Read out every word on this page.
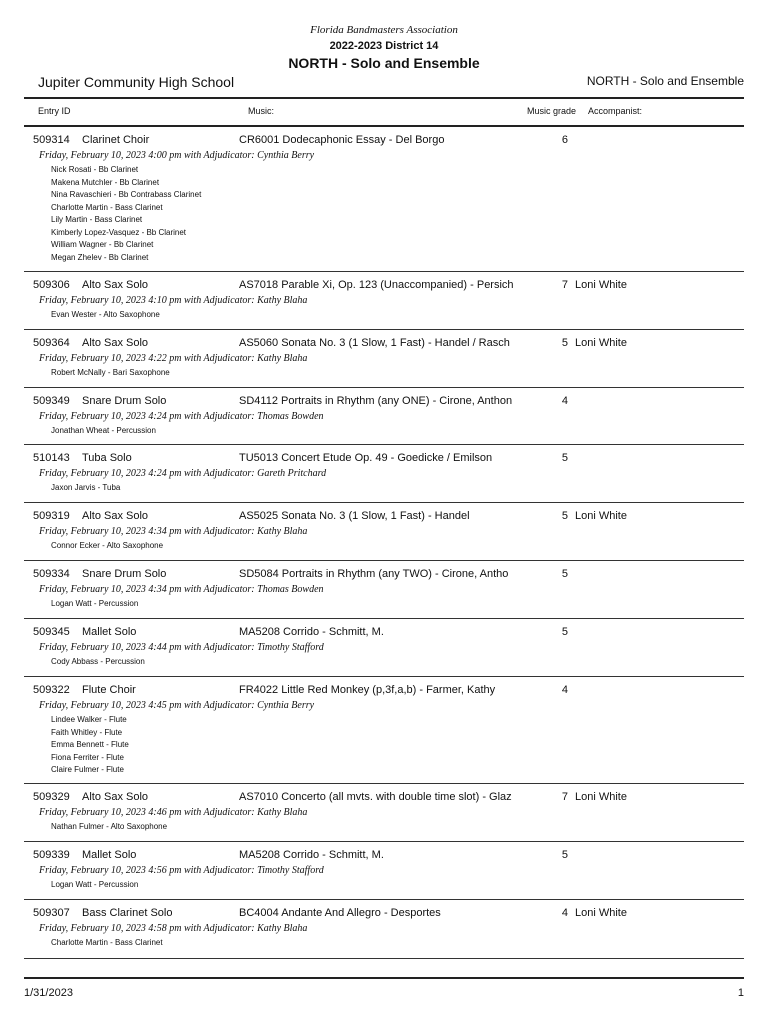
Florida Bandmasters Association
2022-2023 District 14
NORTH - Solo and Ensemble
Jupiter Community High School	NORTH - Solo and Ensemble
Entry ID	Music:	Music grade Accompanist:
509314 Clarinet Choir	CR6001 Dodecaphonic Essay - Del Borgo	6
Friday, February 10, 2023 4:00 pm with Adjudicator: Cynthia Berry
Nick Rosati - Bb Clarinet
Makena Mutchler - Bb Clarinet
Nina Ravaschieri - Bb Contrabass Clarinet
Charlotte Martin - Bass Clarinet
Lily Martin - Bass Clarinet
Kimberly Lopez-Vasquez - Bb Clarinet
William Wagner - Bb Clarinet
Megan Zhelev - Bb Clarinet
509306 Alto Sax Solo	AS7018 Parable Xi, Op. 123 (Unaccompanied) - Persich	7 Loni White
Friday, February 10, 2023 4:10 pm with Adjudicator: Kathy Blaha
Evan Wester - Alto Saxophone
509364 Alto Sax Solo	AS5060 Sonata No. 3 (1 Slow, 1 Fast) - Handel / Rasch	5 Loni White
Friday, February 10, 2023 4:22 pm with Adjudicator: Kathy Blaha
Robert McNally - Bari Saxophone
509349 Snare Drum Solo	SD4112 Portraits in Rhythm (any ONE) - Cirone, Anthon	4
Friday, February 10, 2023 4:24 pm with Adjudicator: Thomas Bowden
Jonathan Wheat - Percussion
510143 Tuba Solo	TU5013 Concert Etude Op. 49 - Goedicke / Emilson	5
Friday, February 10, 2023 4:24 pm with Adjudicator: Gareth Pritchard
Jaxon Jarvis - Tuba
509319 Alto Sax Solo	AS5025 Sonata No. 3 (1 Slow, 1 Fast) - Handel	5 Loni White
Friday, February 10, 2023 4:34 pm with Adjudicator: Kathy Blaha
Connor Ecker - Alto Saxophone
509334 Snare Drum Solo	SD5084 Portraits in Rhythm (any TWO) - Cirone, Antho	5
Friday, February 10, 2023 4:34 pm with Adjudicator: Thomas Bowden
Logan Watt - Percussion
509345 Mallet Solo	MA5208 Corrido - Schmitt, M.	5
Friday, February 10, 2023 4:44 pm with Adjudicator: Timothy Stafford
Cody Abbass - Percussion
509322 Flute Choir	FR4022 Little Red Monkey (p,3f,a,b) - Farmer, Kathy	4
Friday, February 10, 2023 4:45 pm with Adjudicator: Cynthia Berry
Lindee Walker - Flute
Faith Whitley - Flute
Emma Bennett - Flute
Fiona Ferriter - Flute
Claire Fulmer - Flute
509329 Alto Sax Solo	AS7010 Concerto (all mvts. with double time slot) - Glaz	7 Loni White
Friday, February 10, 2023 4:46 pm with Adjudicator: Kathy Blaha
Nathan Fulmer - Alto Saxophone
509339 Mallet Solo	MA5208 Corrido - Schmitt, M.	5
Friday, February 10, 2023 4:56 pm with Adjudicator: Timothy Stafford
Logan Watt - Percussion
509307 Bass Clarinet Solo	BC4004 Andante And Allegro - Desportes	4 Loni White
Friday, February 10, 2023 4:58 pm with Adjudicator: Kathy Blaha
Charlotte Martin - Bass Clarinet
1/31/2023	1
